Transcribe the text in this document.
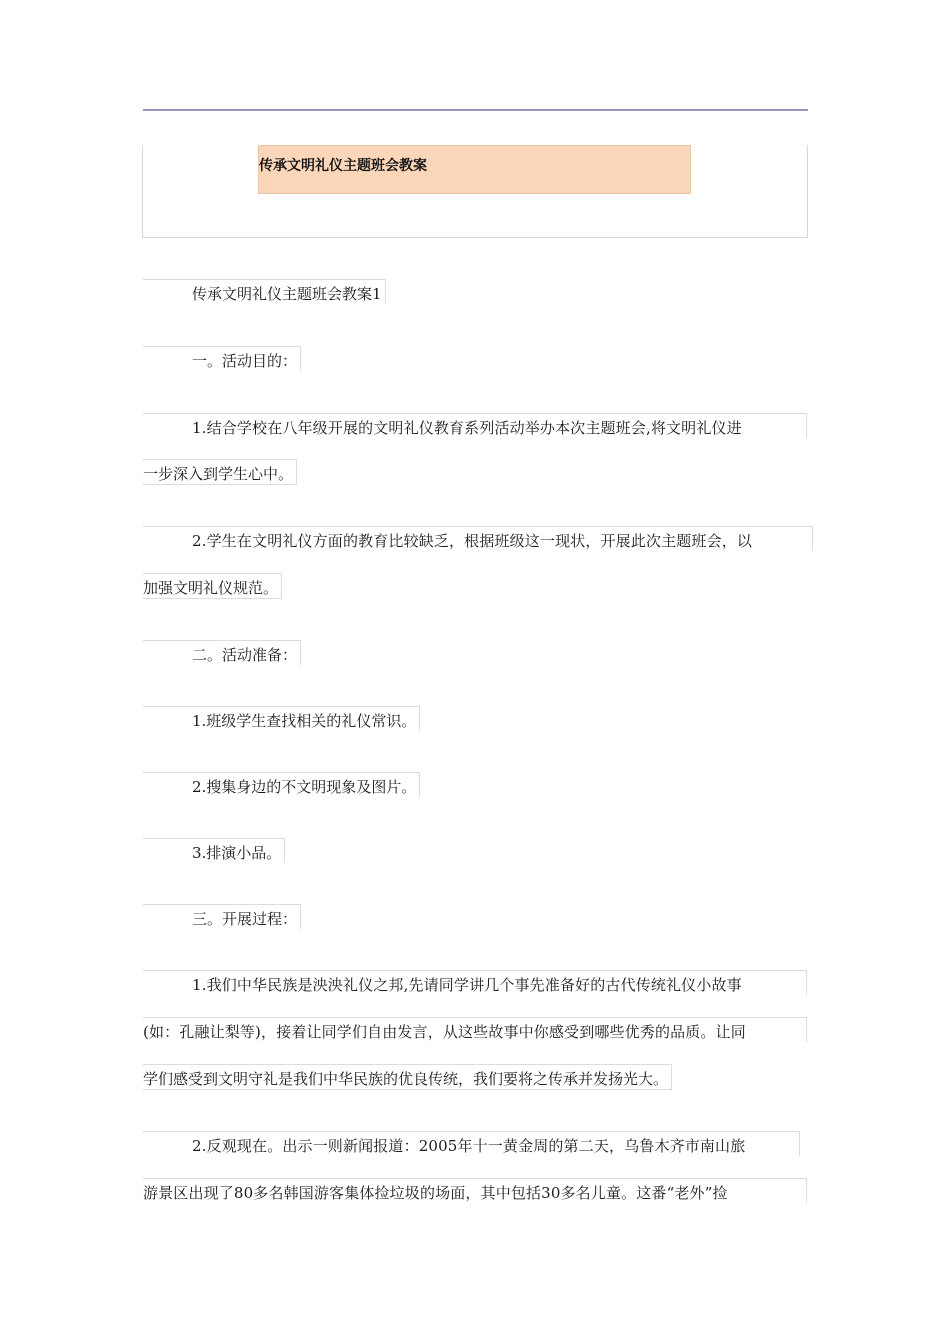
传承文明礼仪主题班会教案
传承文明礼仪主题班会教案1
一。活动目的：
1.结合学校在八年级开展的文明礼仪教育系列活动举办本次主题班会,将文明礼仪进
一步深入到学生心中。
2.学生在文明礼仪方面的教育比较缺乏，根据班级这一现状，开展此次主题班会，以
加强文明礼仪规范。
二。活动准备：
1.班级学生查找相关的礼仪常识。
2.搜集身边的不文明现象及图片。
3.排演小品。
三。开展过程：
1.我们中华民族是泱泱礼仪之邦,先请同学讲几个事先准备好的古代传统礼仪小故事
(如：孔融让梨等)，接着让同学们自由发言，从这些故事中你感受到哪些优秀的品质。让同
学们感受到文明守礼是我们中华民族的优良传统，我们要将之传承并发扬光大。
2.反观现在。出示一则新闻报道：2005年十一黄金周的第二天，乌鲁木齐市南山旅
游景区出现了80多名韩国游客集体捡垃圾的场面，其中包括30多名儿童。这番“老外”捡
